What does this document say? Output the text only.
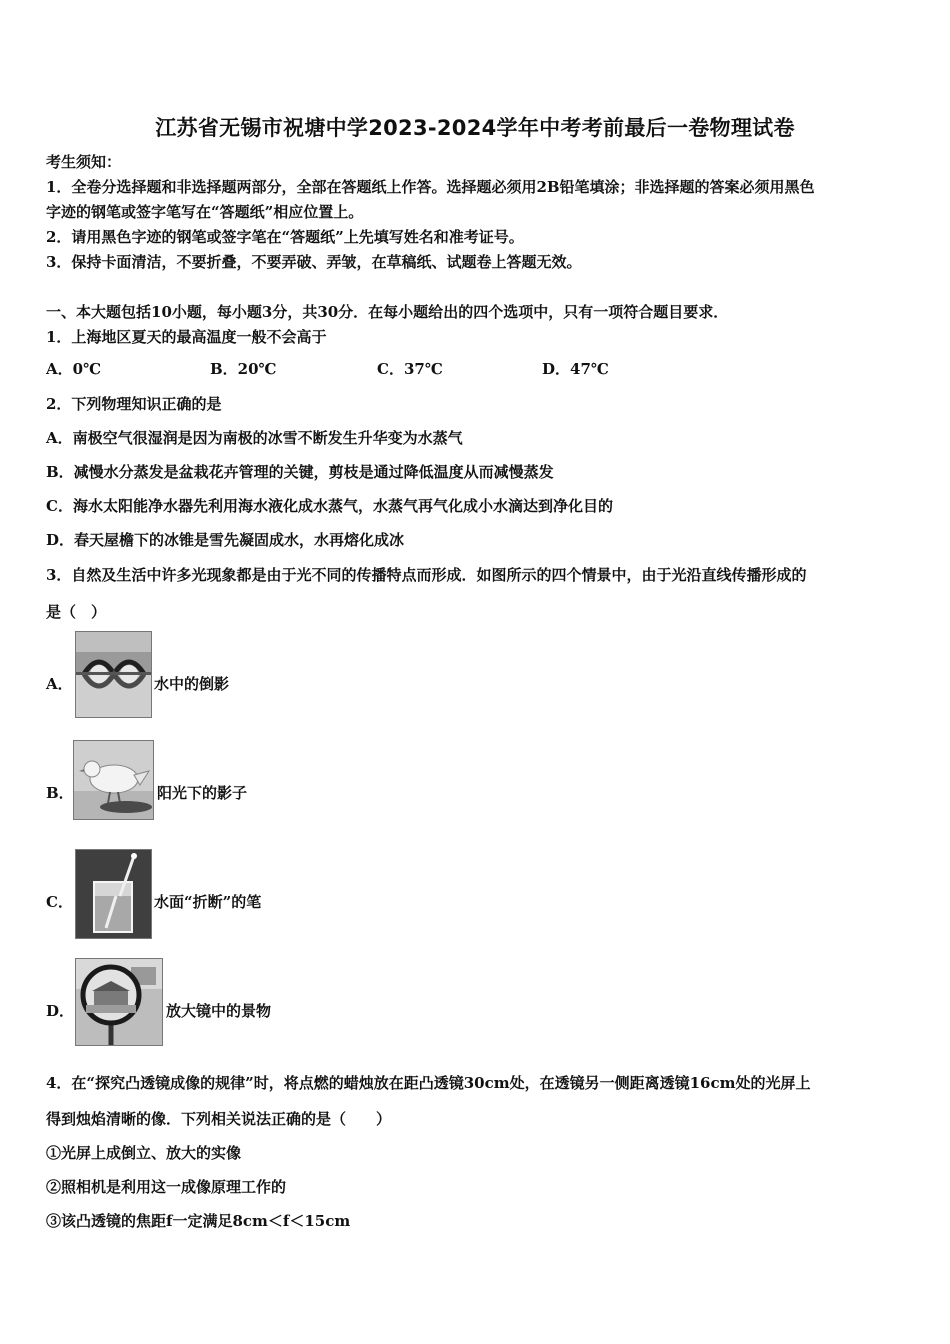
江苏省无锡市祝塘中学2023-2024学年中考考前最后一卷物理试卷
考生须知：
1．全卷分选择题和非选择题两部分，全部在答题纸上作答。选择题必须用2B铅笔填涂；非选择题的答案必须用黑色
字迹的钢笔或签字笔写在“答题纸”相应位置上。
2．请用黑色字迹的钢笔或签字笔在“答题纸”上先填写姓名和准考证号。
3．保持卡面清洁，不要折叠，不要弄破、弄皱，在草稿纸、试题卷上答题无效。
一、本大题包括10小题，每小题3分，共30分．在每小题给出的四个选项中，只有一项符合题目要求．
1．上海地区夏天的最高温度一般不会高于
A．0℃	B．20℃	C．37℃	D．47℃
2．下列物理知识正确的是
A．南极空气很湿润是因为南极的冰雪不断发生升华变为水蒸气
B．减慢水分蒸发是盆栽花卉管理的关键，剪枝是通过降低温度从而减慢蒸发
C．海水太阳能净水器先利用海水液化成水蒸气，水蒸气再气化成小水滴达到净化目的
D．春天屋檐下的冰锥是雪先凝固成水，水再熔化成冰
3．自然及生活中许多光现象都是由于光不同的传播特点而形成．如图所示的四个情景中，由于光沿直线传播形成的
是（　）
A．	水中的倒影
B．	阳光下的影子
C．	水面“折断”的笔
D．	放大镜中的景物
4．在“探究凸透镜成像的规律”时，将点燃的蜡烛放在距凸透镜30cm处，在透镜另一侧距离透镜16cm处的光屏上
得到烛焰清晰的像．下列相关说法正确的是（　　）
①光屏上成倒立、放大的实像
②照相机是利用这一成像原理工作的
③该凸透镜的焦距f一定满足8cm＜f＜15cm
